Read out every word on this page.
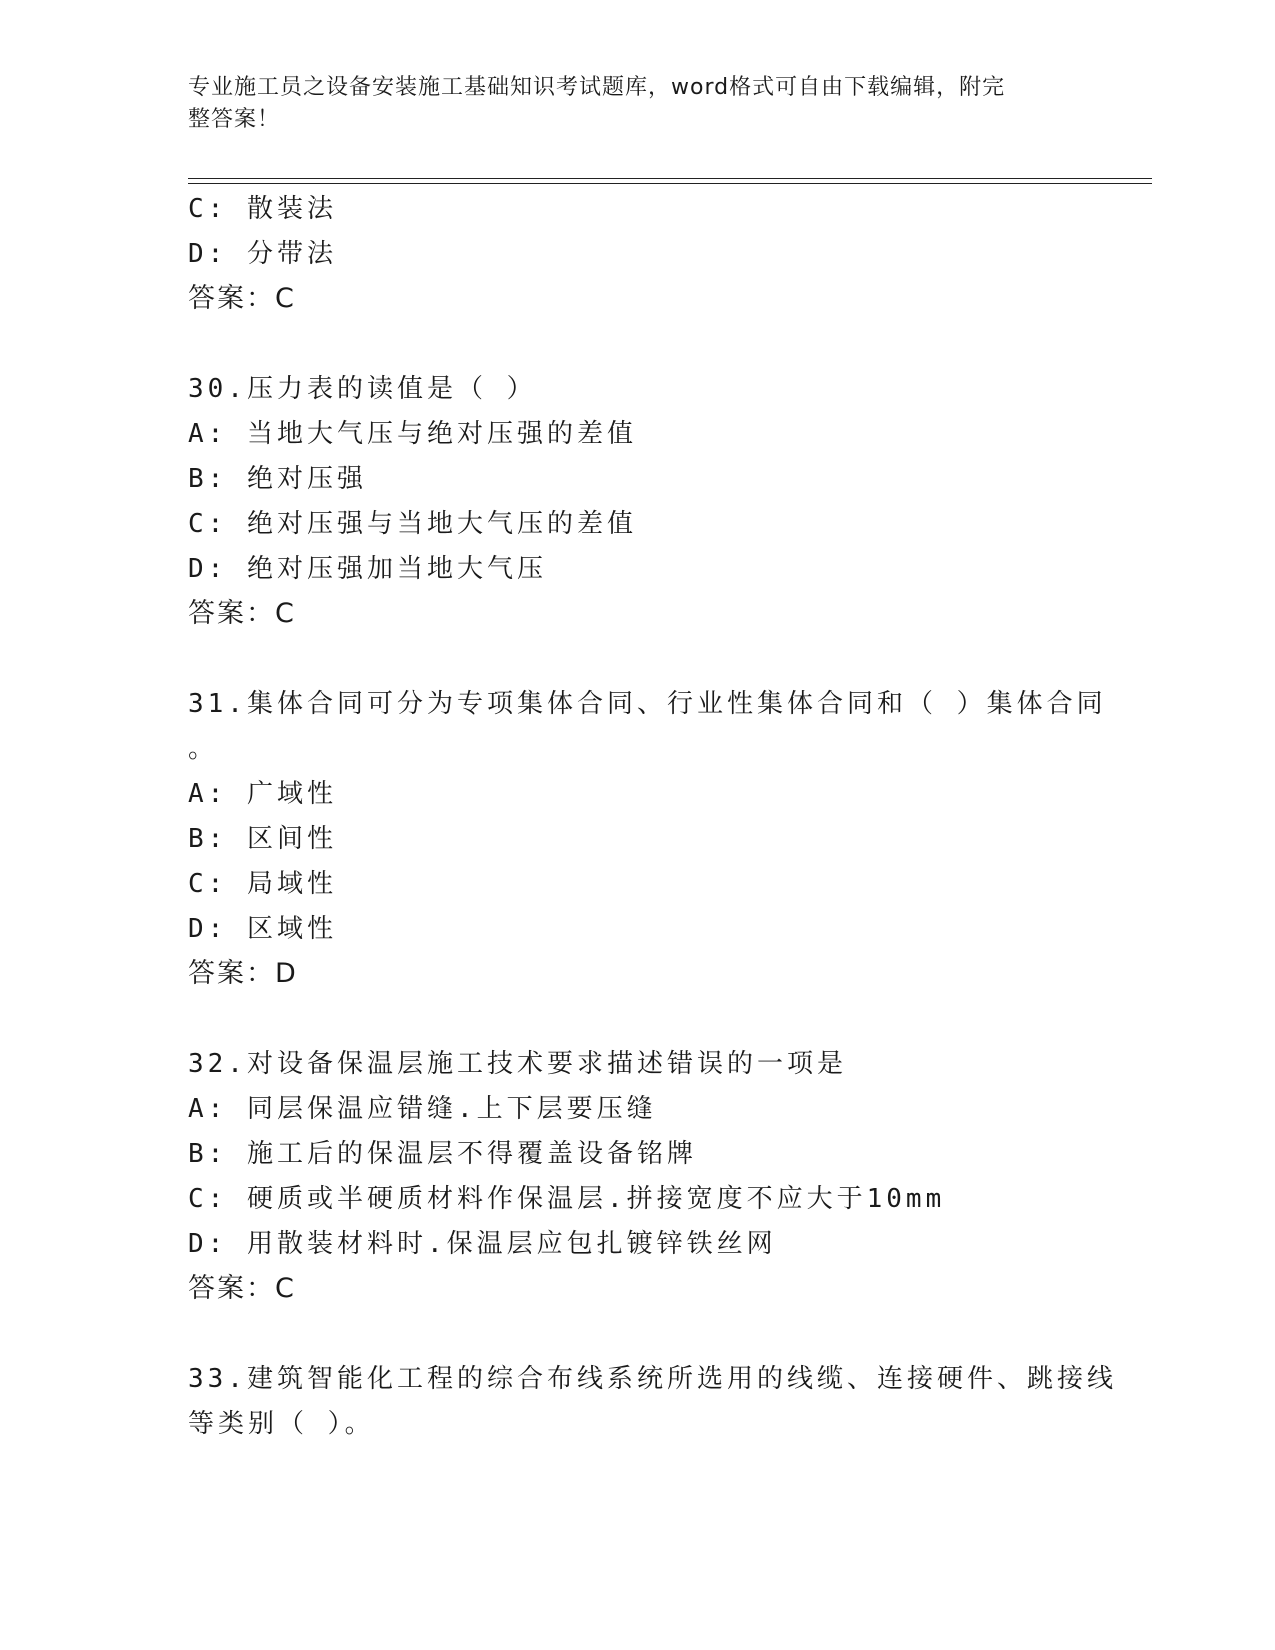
专业施工员之设备安装施工基础知识考试题库，word格式可自由下载编辑，附完
整答案！
C: 散装法
D: 分带法
答案：C
30.压力表的读值是（ ）
A: 当地大气压与绝对压强的差值
B: 绝对压强
C: 绝对压强与当地大气压的差值
D: 绝对压强加当地大气压
答案：C
31.集体合同可分为专项集体合同、行业性集体合同和（ ）集体合同
。
A: 广域性
B: 区间性
C: 局域性
D: 区域性
答案：D
32.对设备保温层施工技术要求描述错误的一项是
A: 同层保温应错缝.上下层要压缝
B: 施工后的保温层不得覆盖设备铭牌
C: 硬质或半硬质材料作保温层.拼接宽度不应大于10mm
D: 用散装材料时.保温层应包扎镀锌铁丝网
答案：C
33.建筑智能化工程的综合布线系统所选用的线缆、连接硬件、跳接线
等类别（ ）。
